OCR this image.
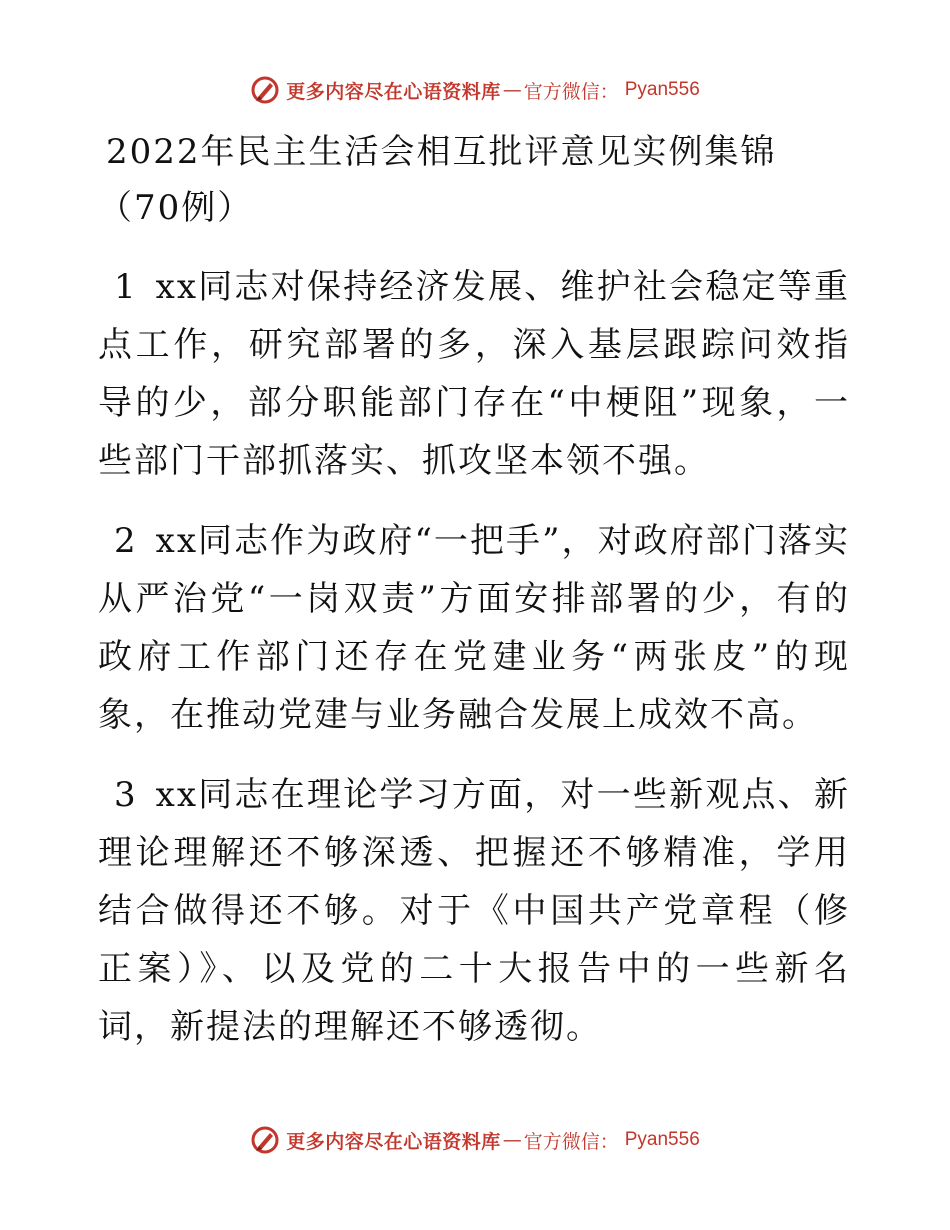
更多内容尽在心语资料库 — 官方微信： Pyan556
2022年民主生活会相互批评意见实例集锦（70例）

1 xx同志对保持经济发展、维护社会稳定等重点工作，研究部署的多，深入基层跟踪问效指导的少，部分职能部门存在“中梗阻”现象，一些部门干部抓落实、抓攻坚本领不强。

2 xx同志作为政府“一把手”，对政府部门落实从严治党“一岗双责”方面安排部署的少，有的政府工作部门还存在党建业务“两张皮”的现象，在推动党建与业务融合发展上成效不高。

3 xx同志在理论学习方面，对一些新观点、新理论理解还不够深透、把握还不够精准，学用结合做得还不够。对于《中国共产党章程（修正案）》、以及党的二十大报告中的一些新名词，新提法的理解还不够透彻。

更多内容尽在心语资料库 — 官方微信： Pyan556
